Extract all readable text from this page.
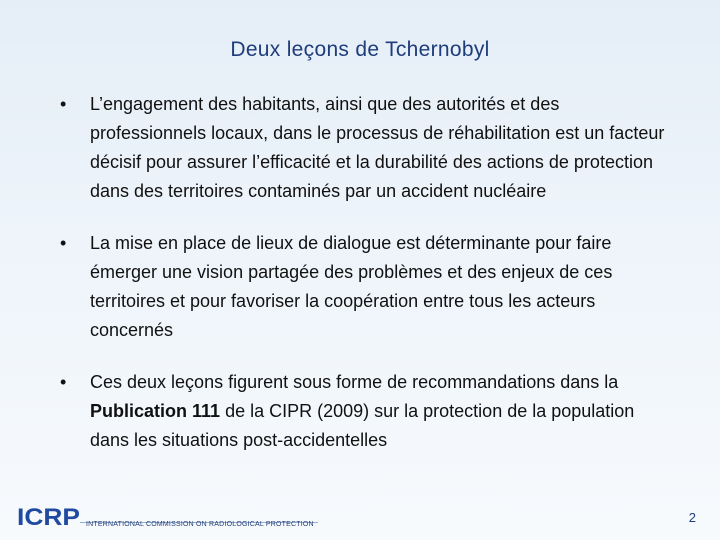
Deux leçons de Tchernobyl
• L’engagement des habitants, ainsi que des autorités et des professionnels locaux, dans le processus de réhabilitation est un facteur décisif pour assurer l’efficacité et la durabilité des actions de protection dans des territoires contaminés par un accident nucléaire
• La mise en place de lieux de dialogue est déterminante pour faire émerger une vision partagée des problèmes et des enjeux de ces territoires et pour favoriser la coopération entre tous les acteurs concernés
• Ces deux leçons figurent sous forme de recommandations dans la Publication 111 de la CIPR (2009) sur la protection de la population dans les situations post-accidentelles
ICRP INTERNATIONAL COMMISSION ON RADIOLOGICAL PROTECTION	2
